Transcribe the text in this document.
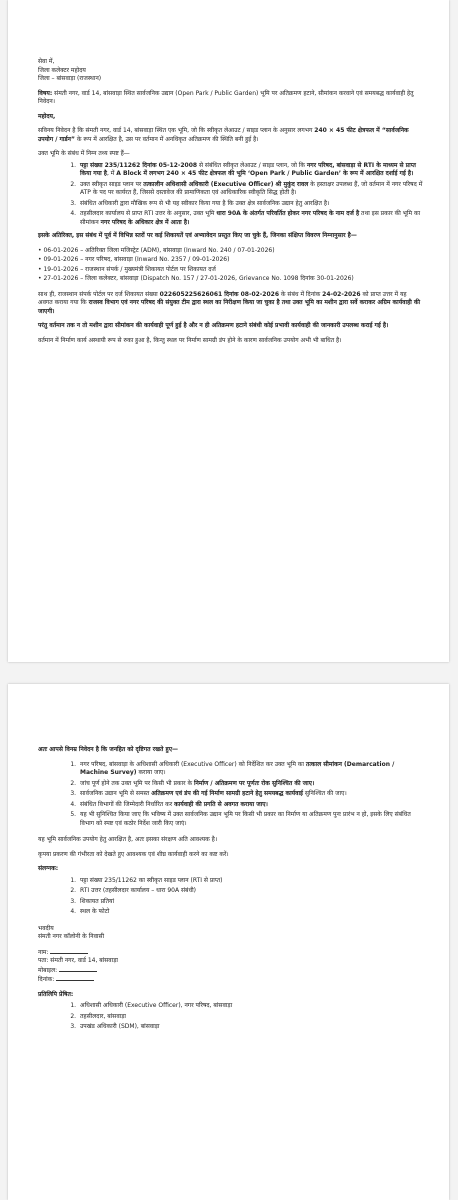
सेवा में,
जिला कलेक्टर महोदय
जिला – बांसवाड़ा (राजस्थान)

विषय: संमती नगर, वार्ड 14, बांसवाड़ा स्थित सार्वजनिक उद्यान (Open Park / Public Garden) भूमि पर अतिक्रमण हटाने, सीमांकन करवाने एवं समयबद्ध कार्यवाही हेतु निवेदन।

महोदय,

सविनय निवेदन है कि संमती नगर, वार्ड 14, बांसवाड़ा स्थित एक भूमि, जो कि स्वीकृत लेआउट / साइड प्लान के अनुसार लगभग 240 × 45 फीट क्षेत्रफल में “सार्वजनिक उपयोग / गार्डन” के रूप में आरक्षित है, उस पर वर्तमान में अनधिकृत अतिक्रमण की स्थिति बनी हुई है।

उक्त भूमि के संबंध में निम्न तथ्य स्पष्ट हैं—

1. पट्टा संख्या 235/11262 दिनांक 05-12-2008 से संबंधित स्वीकृत लेआउट / साइड प्लान, जो कि नगर परिषद, बांसवाड़ा से RTI के माध्यम से प्राप्त किया गया है, में A Block में लगभग 240 × 45 फीट क्षेत्रफल की भूमि ‘Open Park / Public Garden’ के रूप में आरक्षित दर्शाई गई है।
2. उक्त स्वीकृत साइड प्लान पर तत्कालीन अधिशासी अधिकारी (Executive Officer) श्री मुकुंद रावल के हस्ताक्षर उपलब्ध हैं, जो वर्तमान में नगर परिषद में ATP के पद पर कार्यरत हैं, जिससे दस्तावेज की प्रामाणिकता एवं आधिकारिक स्वीकृति सिद्ध होती है।
3. संबंधित अधिकारी द्वारा मौखिक रूप से भी यह स्वीकार किया गया है कि उक्त क्षेत्र सार्वजनिक उद्यान हेतु आरक्षित है।
4. तहसीलदार कार्यालय से प्राप्त RTI उत्तर के अनुसार, उक्त भूमि धारा 90A के अंतर्गत परिवर्तित होकर नगर परिषद के नाम दर्ज है तथा इस प्रकार की भूमि का सीमांकन नगर परिषद के अधिकार क्षेत्र में आता है।

इसके अतिरिक्त, इस संबंध में पूर्व में विभिन्न स्तरों पर कई शिकायतें एवं अभ्यावेदन प्रस्तुत किए जा चुके हैं, जिनका संक्षिप्त विवरण निम्नानुसार है—

• 06-01-2026 – अतिरिक्त जिला मजिस्ट्रेट (ADM), बांसवाड़ा (Inward No. 240 / 07-01-2026)
• 09-01-2026 – नगर परिषद, बांसवाड़ा (Inward No. 2357 / 09-01-2026)
• 19-01-2026 – राजस्थान संपर्क / मुख्यमंत्री शिकायत पोर्टल पर शिकायत दर्ज
• 27-01-2026 – जिला कलेक्टर, बांसवाड़ा (Dispatch No. 157 / 27-01-2026, Grievance No. 1098 दिनांक 30-01-2026)

साथ ही, राजस्थान संपर्क पोर्टल पर दर्ज शिकायत संख्या 022605225626061 दिनांक 08-02-2026 के संबंध में दिनांक 24-02-2026 को प्राप्त उत्तर में यह अवगत कराया गया कि राजस्व विभाग एवं नगर परिषद की संयुक्त टीम द्वारा स्थल का निरीक्षण किया जा चुका है तथा उक्त भूमि का मशीन द्वारा सर्वे कराकर अग्रिम कार्यवाही की जाएगी।

परंतु वर्तमान तक न तो मशीन द्वारा सीमांकन की कार्यवाही पूर्ण हुई है और न ही अतिक्रमण हटाने संबंधी कोई प्रभावी कार्यवाही की जानकारी उपलब्ध कराई गई है।

वर्तमान में निर्माण कार्य अस्थायी रूप से रुका हुआ है, किन्तु स्थल पर निर्माण सामग्री डंप होने के कारण सार्वजनिक उपयोग अभी भी बाधित है।

अतः आपसे विनम्र निवेदन है कि जनहित को दृष्टिगत रखते हुए—

1. नगर परिषद, बांसवाड़ा के अधिशासी अधिकारी (Executive Officer) को निर्देशित कर उक्त भूमि का तत्काल सीमांकन (Demarcation / Machine Survey) कराया जाए।
2. जांच पूर्ण होने तक उक्त भूमि पर किसी भी प्रकार के निर्माण / अतिक्रमण पर पूर्णतः रोक सुनिश्चित की जाए।
3. सार्वजनिक उद्यान भूमि से समस्त अतिक्रमण एवं डंप की गई निर्माण सामग्री हटाने हेतु समयबद्ध कार्यवाई सुनिश्चित की जाए।
4. संबंधित विभागों की जिम्मेदारी निर्धारित कर कार्यवाही की प्रगति से अवगत कराया जाए।
5. यह भी सुनिश्चित किया जाए कि भविष्य में उक्त सार्वजनिक उद्यान भूमि पर किसी भी प्रकार का निर्माण या अतिक्रमण पुनः प्रारंभ न हो, इसके लिए संबंधित विभाग को स्पष्ट एवं कठोर निर्देश जारी किए जाएं।

यह भूमि सार्वजनिक उपयोग हेतु आरक्षित है, अतः इसका संरक्षण अति आवश्यक है।

कृपया प्रकरण की गंभीरता को देखते हुए आवश्यक एवं शीघ्र कार्यवाही करने का कष्ट करें।

संलग्नक:

1. पट्टा संख्या 235/11262 का स्वीकृत साइड प्लान (RTI से प्राप्त)
2. RTI उत्तर (तहसीलदार कार्यालय – धारा 90A संबंधी)
3. शिकायत प्रतियां
4. स्थल के फोटो
भवदीय
संमती नगर कॉलोनी के निवासी
नाम:
पता: संमती नगर, वार्ड 14, बांसवाड़ा
मोबाइल:
दिनांक:

प्रतिलिपि प्रेषित:

1. अधिशासी अधिकारी (Executive Officer), नगर परिषद, बांसवाड़ा
2. तहसीलदार, बांसवाड़ा
3. उपखंड अधिकारी (SDM), बांसवाड़ा
